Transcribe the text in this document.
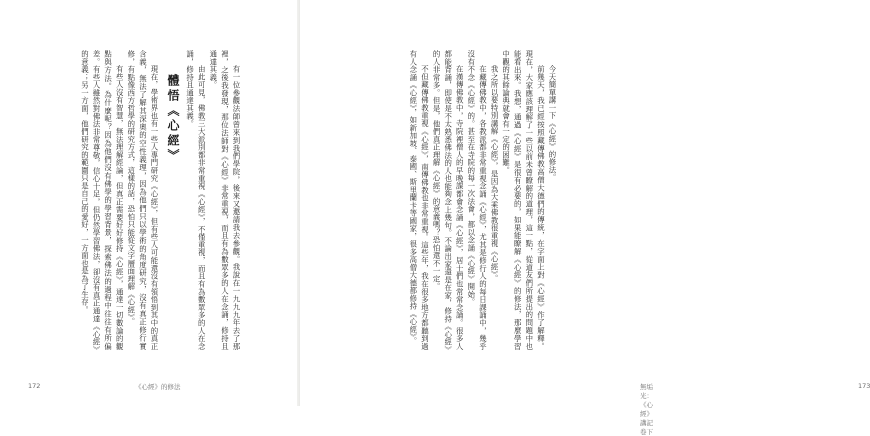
有一位參觀法師曾來到我們學院，後來又邀請我去參觀。我說在一九九九年去了那裡，之後我發現，那位法師對《心經》非常重視，而且有為數眾多的人在念誦，修持且通達其義。

由此可見，佛教三大派別都非常重視《心經》，不僅重視，而且有為數眾多的人在念誦，修持且通達其義。

體悟《心經》

現在，學術界也有一些人專門研究《心經》，但有些人可能還沒有領悟到其中的真正含義，無法了解其深奧的空性義理，因為他們只以學術的角度研究，沒有真正修行實修，有點像西方哲學的研究方式，這樣的話，恐怕只能從文字層面理解《心經》。

有些人沒有智慧，無法理解經論，但真正需要好好修持《心經》，通達一切數論的觀點與方法。為什麼呢？因為他們沒有佛學的學習背景，探索佛法的過程中往往有所偏差。有些人雖然對佛法非常尊敬，信心十足，但仍然學習佛法，卻沒有真正通達《心經》的意義；另一方面，他們研究的範圍只是自己的愛好，一方面也是為了生存。

172	《心經》的修法

今天簡單講一下《心經》的修法。

前幾天，我已經按照藏傳佛教高僧大德們的傳統，在字面上對《心經》作了解釋。現在，大家應該理解了一些以前未曾瞭解的道理，這一點，從道友們所提出的問題中也能看出來。我想，通過《心經》是很有必要的，如果能瞭解《心經》的修法，那麼學習中觀的其餘論典就會有一定的困難。

我之所以要特別講解《心經》，是因為大乘佛教很重視《心經》。

在藏傳佛教中，各教派都非常重視念誦《心經》，尤其是修行人的每日課誦中，幾乎沒有不念《心經》的。甚至在寺院的每一次法會，都以念誦《心經》開始。

在漢傳佛教中，寺院裡僧人的早晚課都會念誦《心經》，居士們也常常念誦。很多人都能背誦，即使是不太熟悉佛法的人也能夠念上幾句。不論出家還是在家，修持《心經》的人非常多。但是，他們真正理解《心經》的意義嗎？恐怕還不一定。

不但藏傳佛教重視《心經》，南傳佛教也非常重視。這些年，我在很多地方都聽到過有人念誦《心經》，如新加坡、泰國、斯里蘭卡等國家，很多高僧大德都修持《心經》。

無垢光：《心經》講記卷下
173
